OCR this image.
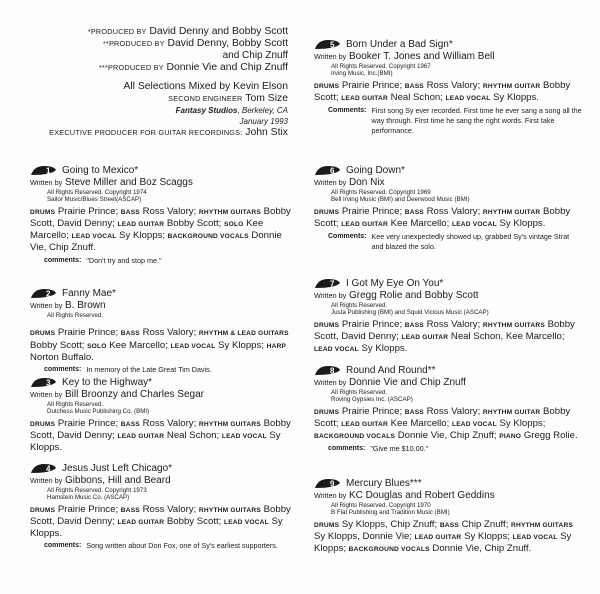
*PRODUCED BY David Denny and Bobby Scott
**PRODUCED BY David Denny, Bobby Scott
and Chip Znuff
***PRODUCED BY Donnie Vie and Chip Znuff
All Selections Mixed by Kevin Elson
SECOND ENGINEER Tom Size
Fantasy Studios, Berkeley, CA
January 1993
EXECUTIVE PRODUCER FOR GUITAR RECORDINGS: John Stix
1 Going to Mexico*
Written by Steve Miller and Boz Scaggs
All Rights Reserved. Copyright 1974
Sailor Music/Blues Street(ASCAP)
DRUMS Prairie Prince; BASS Ross Valory; RHYTHM GUITARS Bobby Scott, David Denny; LEAD GUITAR Bobby Scott; SOLO Kee Marcello; LEAD VOCAL Sy Klopps; BACKGROUND VOCALS Donnie Vie, Chip Znuff.
comments: "Don't try and stop me."
2 Fanny Mae*
Written by B. Brown
All Rights Reserved.
DRUMS Prairie Prince; BASS Ross Valory; RHYTHM & LEAD GUITARS Bobby Scott; SOLO Kee Marcello; LEAD VOCAL Sy Klopps; HARP Norton Buffalo.
comments: In memory of the Late Great Tim Davis.
3 Key to the Highway*
Written by Bill Broonzy and Charles Segar
All Rights Reserved.
Dutchess Music Publishing Co. (BMI)
DRUMS Prairie Prince; BASS Ross Valory; RHYTHM GUITARS Bobby Scott, David Denny; LEAD GUITAR Neal Schon; LEAD VOCAL Sy Klopps.
4 Jesus Just Left Chicago*
Written by Gibbons, Hill and Beard
All Rights Reserved. Copyright 1973
Hamstein Music Co. (ASCAP)
DRUMS Prairie Prince; BASS Ross Valory; RHYTHM GUITARS Bobby Scott, David Denny; LEAD GUITAR Bobby Scott; LEAD VOCAL Sy Klopps.
comments: Song written about Don Fox, one of Sy's earliest supporters.
5 Born Under a Bad Sign*
Written by Booker T. Jones and William Bell
All Rights Reserved. Copyright 1967
Irving Music, Inc.(BMI)
DRUMS Prairie Prince; BASS Ross Valory; RHYTHM GUITAR Bobby Scott; LEAD GUITAR Neal Schon; LEAD VOCAL Sy Klopps.
Comments: First song Sy ever recorded. First time he ever sang a song all the way through. First time he sang the right words. First take performance.
6 Going Down*
Written by Don Nix
All Rights Reserved. Copyright 1969
Bell Irving Music (BMI) and Deerwood Music (BMI)
DRUMS Prairie Prince; BASS Ross Valory; RHYTHM GUITAR Bobby Scott; LEAD GUITAR Kee Marcello; LEAD VOCAL Sy Klopps.
Comments: Kee very unexpectedly showed up, grabbed Sy's vintage Strat and blazed the solo.
7 I Got My Eye On You*
Written by Gregg Rolie and Bobby Scott
All Rights Reserved.
Justa Publishing (BMI) and Squid Vicious Music (ASCAP)
DRUMS Prairie Prince; BASS Ross Valory; RHYTHM GUITARS Bobby Scott, David Denny; LEAD GUITAR Neal Schon, Kee Marcello; LEAD VOCAL Sy Klopps.
8 Round And Round**
Written by Donnie Vie and Chip Znuff
All Rights Reserved.
Roving Gypsies Inc. (ASCAP)
DRUMS Prairie Prince; BASS Ross Valory; RHYTHM GUITAR Bobby Scott; LEAD GUITAR Kee Marcello; LEAD VOCAL Sy Klopps; BACKGROUND VOCALS Donnie Vie, Chip Znuff; PIANO Gregg Rolie.
comments: "Give me $10.00."
9 Mercury Blues***
Written by KC Douglas and Robert Geddins
All Rights Reserved. Copyright 1970
B Flat Publishing and Tradition Music (BMI)
DRUMS Sy Klopps, Chip Znuff; BASS Chip Znuff; RHYTHM GUITARS Sy Klopps, Donnie Vie; LEAD GUITAR Sy Klopps; LEAD VOCAL Sy Klopps; BACKGROUND VOCALS Donnie Vie, Chip Znuff.
